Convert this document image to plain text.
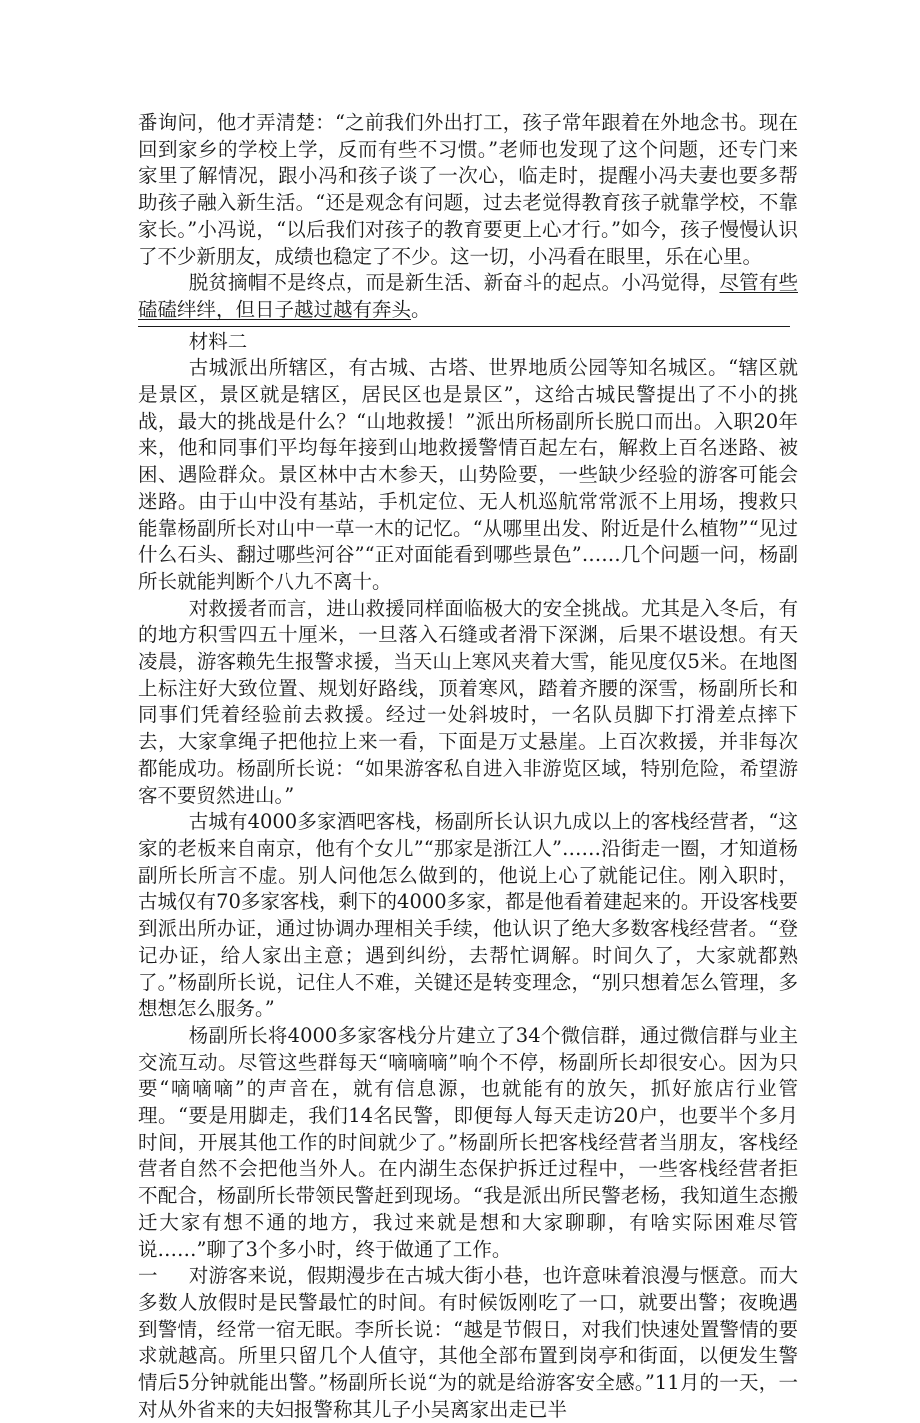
番询问，他才弄清楚：“之前我们外出打工，孩子常年跟着在外地念书。现在回到家乡的学校上学，反而有些不习惯。”老师也发现了这个问题，还专门来家里了解情况，跟小冯和孩子谈了一次心，临走时，提醒小冯夫妻也要多帮助孩子融入新生活。“还是观念有问题，过去老觉得教育孩子就靠学校，不靠家长。”小冯说，“以后我们对孩子的教育要更上心才行。”如今，孩子慢慢认识了不少新朋友，成绩也稳定了不少。这一切，小冯看在眼里，乐在心里。

脱贫摘帽不是终点，而是新生活、新奋斗的起点。小冯觉得，尽管有些磕磕绊绊，但日子越过越有奔头。

材料二

古城派出所辖区，有古城、古塔、世界地质公园等知名城区。“辖区就是景区，景区就是辖区，居民区也是景区”，这给古城民警提出了不小的挑战，最大的挑战是什么？“山地救援！”派出所杨副所长脱口而出。入职20年来，他和同事们平均每年接到山地救援警情百起左右，解救上百名迷路、被困、遇险群众。景区林中古木参天，山势险要，一些缺少经验的游客可能会迷路。由于山中没有基站，手机定位、无人机巡航常常派不上用场，搜救只能靠杨副所长对山中一草一木的记忆。“从哪里出发、附近是什么植物”“见过什么石头、翻过哪些河谷”“正对面能看到哪些景色”……几个问题一问，杨副所长就能判断个八九不离十。

对救援者而言，进山救援同样面临极大的安全挑战。尤其是入冬后，有的地方积雪四五十厘米，一旦落入石缝或者滑下深渊，后果不堪设想。有天凌晨，游客赖先生报警求援，当天山上寒风夹着大雪，能见度仅5米。在地图上标注好大致位置、规划好路线，顶着寒风，踏着齐腰的深雪，杨副所长和同事们凭着经验前去救援。经过一处斜坡时，一名队员脚下打滑差点摔下去，大家拿绳子把他拉上来一看，下面是万丈悬崖。上百次救援，并非每次都能成功。杨副所长说：“如果游客私自进入非游览区域，特别危险，希望游客不要贸然进山。”

古城有4000多家酒吧客栈，杨副所长认识九成以上的客栈经营者，“这家的老板来自南京，他有个女儿”“那家是浙江人”……沿街走一圈，才知道杨副所长所言不虚。别人问他怎么做到的，他说上心了就能记住。刚入职时，古城仅有70多家客栈，剩下的4000多家，都是他看着建起来的。开设客栈要到派出所办证，通过协调办理相关手续，他认识了绝大多数客栈经营者。“登记办证，给人家出主意；遇到纠纷，去帮忙调解。时间久了，大家就都熟了。”杨副所长说，记住人不难，关键还是转变理念，“别只想着怎么管理，多想想怎么服务。”

杨副所长将4000多家客栈分片建立了34个微信群，通过微信群与业主交流互动。尽管这些群每天“嘀嘀嘀”响个不停，杨副所长却很安心。因为只要“嘀嘀嘀”的声音在，就有信息源，也就能有的放矢，抓好旅店行业管理。“要是用脚走，我们14名民警，即便每人每天走访20户，也要半个多月时间，开展其他工作的时间就少了。”杨副所长把客栈经营者当朋友，客栈经营者自然不会把他当外人。在内湖生态保护拆迁过程中，一些客栈经营者拒不配合，杨副所长带领民警赶到现场。“我是派出所民警老杨，我知道生态搬迁大家有想不通的地方，我过来就是想和大家聊聊，有啥实际困难尽管说……”聊了3个多小时，终于做通了工作。

一 对游客来说，假期漫步在古城大街小巷，也许意味着浪漫与惬意。而大多数人放假时是民警最忙的时间。有时候饭刚吃了一口，就要出警；夜晚遇到警情，经常一宿无眠。李所长说：“越是节假日，对我们快速处置警情的要求就越高。所里只留几个人值守，其他全部布置到岗亭和街面，以便发生警情后5分钟就能出警。”杨副所长说“为的就是给游客安全感。”11月的一天，一对从外省来的夫妇报警称其儿子小吴离家出走已半
